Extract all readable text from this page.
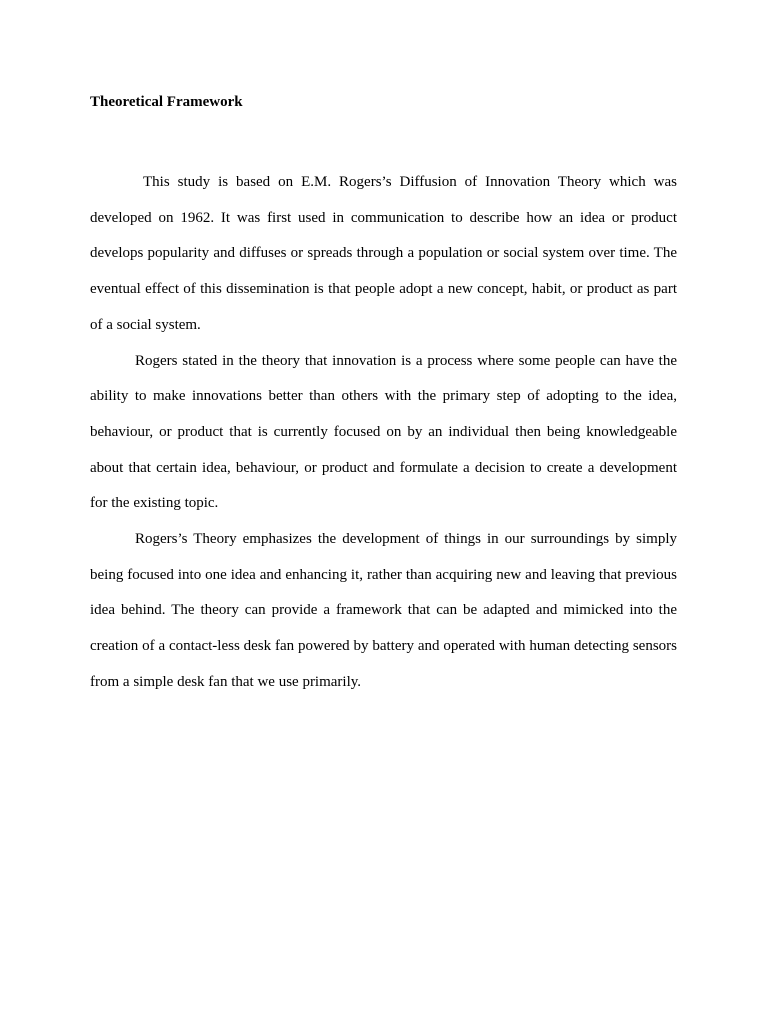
Theoretical Framework

This study is based on E.M. Rogers’s Diffusion of Innovation Theory which was developed on 1962. It was first used in communication to describe how an idea or product develops popularity and diffuses or spreads through a population or social system over time. The eventual effect of this dissemination is that people adopt a new concept, habit, or product as part of a social system.

Rogers stated in the theory that innovation is a process where some people can have the ability to make innovations better than others with the primary step of adopting to the idea, behaviour, or product that is currently focused on by an individual then being knowledgeable about that certain idea, behaviour, or product and formulate a decision to create a development for the existing topic.

Rogers’s Theory emphasizes the development of things in our surroundings by simply being focused into one idea and enhancing it, rather than acquiring new and leaving that previous idea behind. The theory can provide a framework that can be adapted and mimicked into the creation of a contact-less desk fan powered by battery and operated with human detecting sensors from a simple desk fan that we use primarily.
